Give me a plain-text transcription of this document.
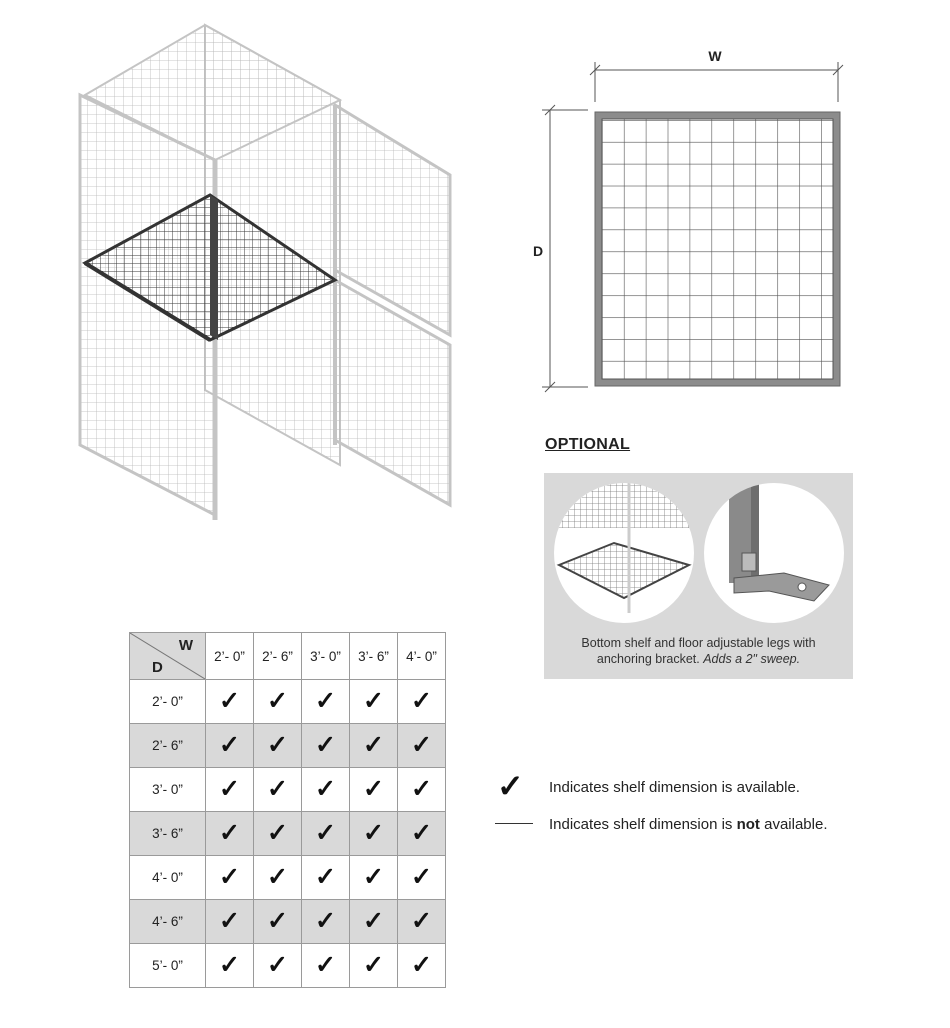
W
D
OPTIONAL
Bottom shelf and floor adjustable legs with
anchoring bracket. Adds a 2" sweep.
W
D	2’- 0”	2’- 6”	3’- 0”	3’- 6”	4’- 0”
2’- 0”	✓	✓	✓	✓	✓
2’- 6”	✓	✓	✓	✓	✓
3’- 0”	✓	✓	✓	✓	✓
3’- 6”	✓	✓	✓	✓	✓
4’- 0”	✓	✓	✓	✓	✓
4’- 6”	✓	✓	✓	✓	✓
5’- 0”	✓	✓	✓	✓	✓
✓ Indicates shelf dimension is available.
Indicates shelf dimension is not available.
